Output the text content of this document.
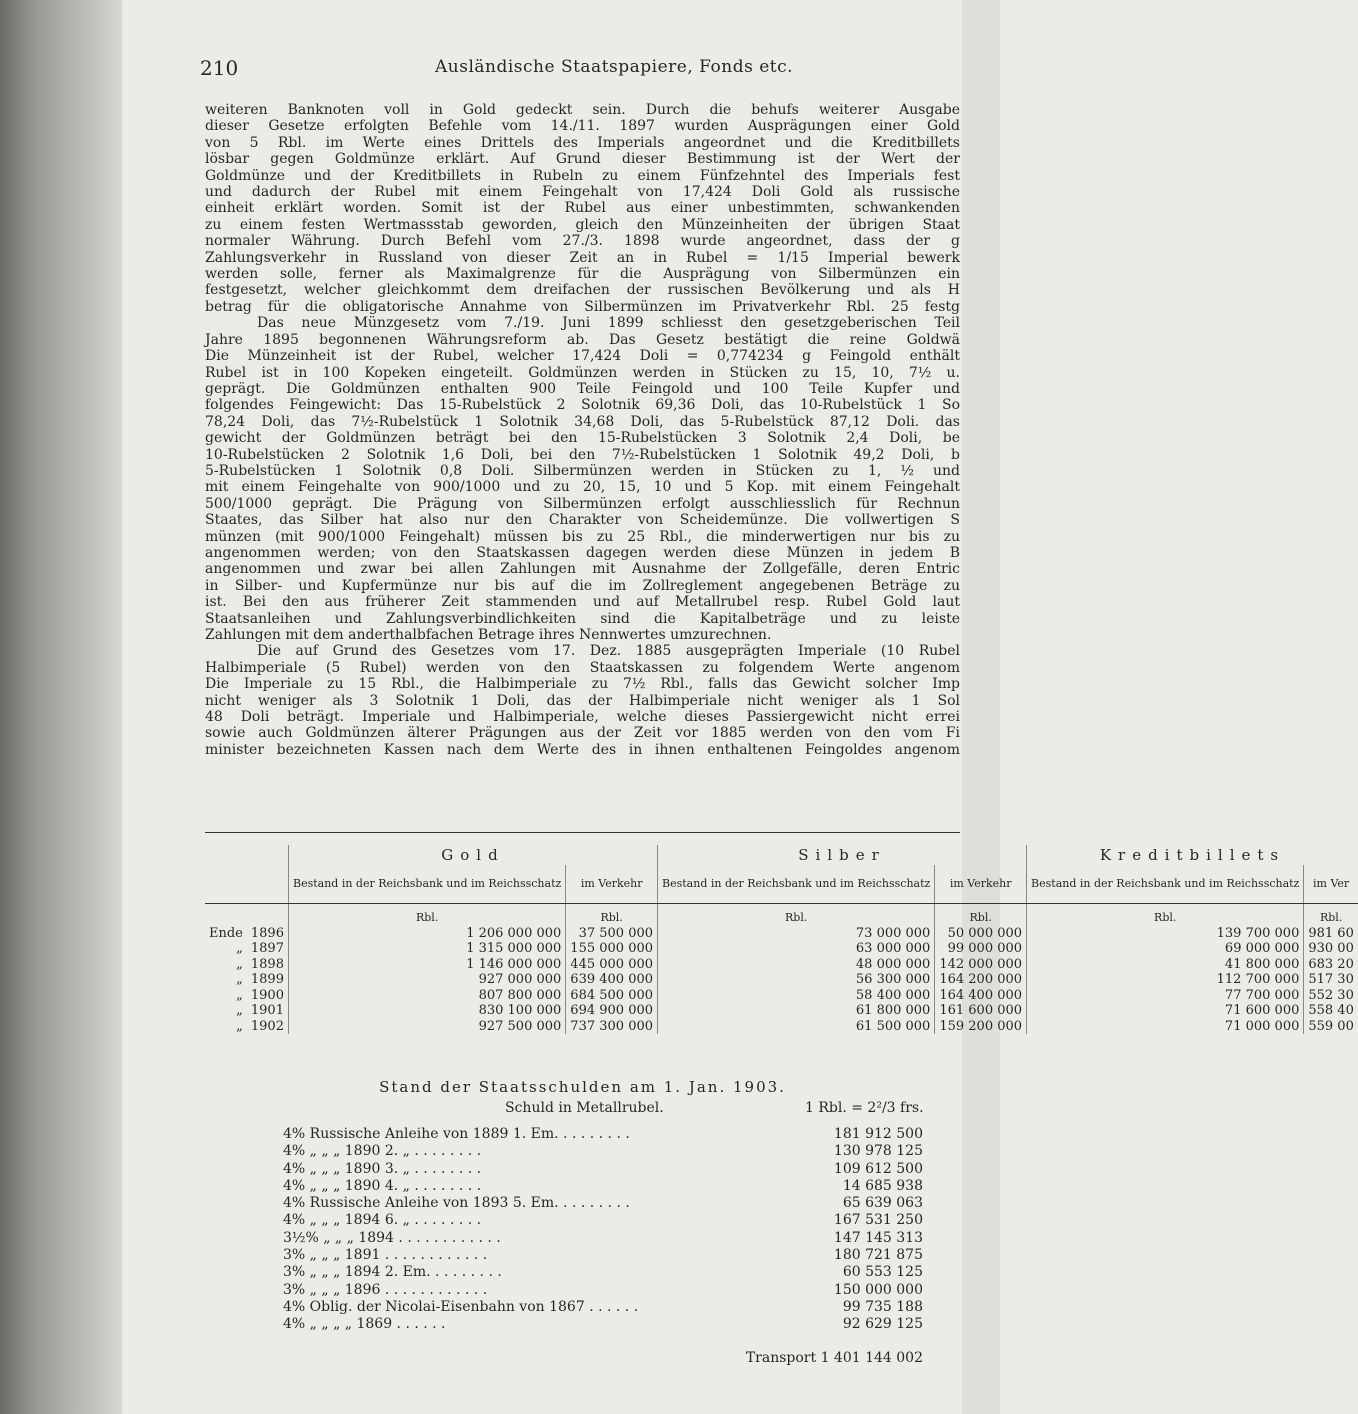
210	Ausländische Staatspapiere, Fonds etc.
weiteren Banknoten voll in Gold gedeckt sein. Durch die behufs weiterer Ausgabe
dieser Gesetze erfolgten Befehle vom 14./11. 1897 wurden Ausprägungen einer Gold
von 5 Rbl. im Werte eines Drittels des Imperials angeordnet und die Kreditbillets
lösbar gegen Goldmünze erklärt. Auf Grund dieser Bestimmung ist der Wert der
Goldmünze und der Kreditbillets in Rubeln zu einem Fünfzehntel des Imperials fest
und dadurch der Rubel mit einem Feingehalt von 17,424 Doli Gold als russische
einheit erklärt worden. Somit ist der Rubel aus einer unbestimmten, schwankenden
zu einem festen Wertmassstab geworden, gleich den Münzeinheiten der übrigen Staat
normaler Währung. Durch Befehl vom 27./3. 1898 wurde angeordnet, dass der g
Zahlungsverkehr in Russland von dieser Zeit an in Rubel = 1/15 Imperial bewerk
werden solle, ferner als Maximalgrenze für die Ausprägung von Silbermünzen ein
festgesetzt, welcher gleichkommt dem dreifachen der russischen Bevölkerung und als H
betrag für die obligatorische Annahme von Silbermünzen im Privatverkehr Rbl. 25 festg
Das neue Münzgesetz vom 7./19. Juni 1899 schliesst den gesetzgeberischen Teil
Jahre 1895 begonnenen Währungsreform ab. Das Gesetz bestätigt die reine Goldwä
Die Münzeinheit ist der Rubel, welcher 17,424 Doli = 0,774234 g Feingold enthält
Rubel ist in 100 Kopeken eingeteilt. Goldmünzen werden in Stücken zu 15, 10, 7½ u.
geprägt. Die Goldmünzen enthalten 900 Teile Feingold und 100 Teile Kupfer und
folgendes Feingewicht: Das 15-Rubelstück 2 Solotnik 69,36 Doli, das 10-Rubelstück 1 So
78,24 Doli, das 7½-Rubelstück 1 Solotnik 34,68 Doli, das 5-Rubelstück 87,12 Doli. das
gewicht der Goldmünzen beträgt bei den 15-Rubelstücken 3 Solotnik 2,4 Doli, be
10-Rubelstücken 2 Solotnik 1,6 Doli, bei den 7½-Rubelstücken 1 Solotnik 49,2 Doli, b
5-Rubelstücken 1 Solotnik 0,8 Doli. Silbermünzen werden in Stücken zu 1, ½ und
mit einem Feingehalte von 900/1000 und zu 20, 15, 10 und 5 Kop. mit einem Feingehalt
500/1000 geprägt. Die Prägung von Silbermünzen erfolgt ausschliesslich für Rechnun
Staates, das Silber hat also nur den Charakter von Scheidemünze. Die vollwertigen S
münzen (mit 900/1000 Feingehalt) müssen bis zu 25 Rbl., die minderwertigen nur bis zu
angenommen werden; von den Staatskassen dagegen werden diese Münzen in jedem B
angenommen und zwar bei allen Zahlungen mit Ausnahme der Zollgefälle, deren Entric
in Silber- und Kupfermünze nur bis auf die im Zollreglement angegebenen Beträge zu
ist. Bei den aus früherer Zeit stammenden und auf Metallrubel resp. Rubel Gold laut
Staatsanleihen und Zahlungsverbindlichkeiten sind die Kapitalbeträge und zu leiste
Zahlungen mit dem anderthalbfachen Betrage ihres Nennwertes umzurechnen.
Die auf Grund des Gesetzes vom 17. Dez. 1885 ausgeprägten Imperiale (10 Rubel
Halbimperiale (5 Rubel) werden von den Staatskassen zu folgendem Werte angenom
Die Imperiale zu 15 Rbl., die Halbimperiale zu 7½ Rbl., falls das Gewicht solcher Imp
nicht weniger als 3 Solotnik 1 Doli, das der Halbimperiale nicht weniger als 1 Sol
48 Doli beträgt. Imperiale und Halbimperiale, welche dieses Passiergewicht nicht errei
sowie auch Goldmünzen älterer Prägungen aus der Zeit vor 1885 werden von den vom Fi
minister bezeichneten Kassen nach dem Werte des in ihnen enthaltenen Feingoldes angenom
		Gold		Silber		Kreditbillets	
		Bestand in der Reichsbank und im Reichsschatz	im Verkehr	Bestand in der Reichsbank und im Reichsschatz	im Verkehr	Bestand in der Reichsbank und im Reichsschatz	im Ver
		Rbl.	Rbl.	Rbl.	Rbl.	Rbl.	Rbl.
Ende	1896	1 206 000 000	37 500 000	73 000 000	50 000 000	139 700 000	981 60
„	1897	1 315 000 000	155 000 000	63 000 000	99 000 000	69 000 000	930 00
„	1898	1 146 000 000	445 000 000	48 000 000	142 000 000	41 800 000	683 20
„	1899	927 000 000	639 400 000	56 300 000	164 200 000	112 700 000	517 30
„	1900	807 800 000	684 500 000	58 400 000	164 400 000	77 700 000	552 30
„	1901	830 100 000	694 900 000	61 800 000	161 600 000	71 600 000	558 40
„	1902	927 500 000	737 300 000	61 500 000	159 200 000	71 000 000	559 00
Stand der Staatsschulden am 1. Jan. 1903.
Schuld in Metallrubel.	1 Rbl. = 2²/3 frs.
4% Russische Anleihe von 1889 1. Em. . . . . . . . .	181 912 500
4% „ „ „ 1890 2. „ . . . . . . . .	130 978 125
4% „ „ „ 1890 3. „ . . . . . . . .	109 612 500
4% „ „ „ 1890 4. „ . . . . . . . .	14 685 938
4% Russische Anleihe von 1893 5. Em. . . . . . . . .	65 639 063
4% „ „ „ 1894 6. „ . . . . . . . .	167 531 250
3½% „ „ „ 1894 . . . . . . . . . . . .	147 145 313
3% „ „ „ 1891 . . . . . . . . . . . .	180 721 875
3% „ „ „ 1894 2. Em. . . . . . . . .	60 553 125
3% „ „ „ 1896 . . . . . . . . . . . .	150 000 000
4% Oblig. der Nicolai-Eisenbahn von 1867 . . . . . .	99 735 188
4% „ „ „ „ 1869 . . . . . .	92 629 125
Transport 1 401 144 002
